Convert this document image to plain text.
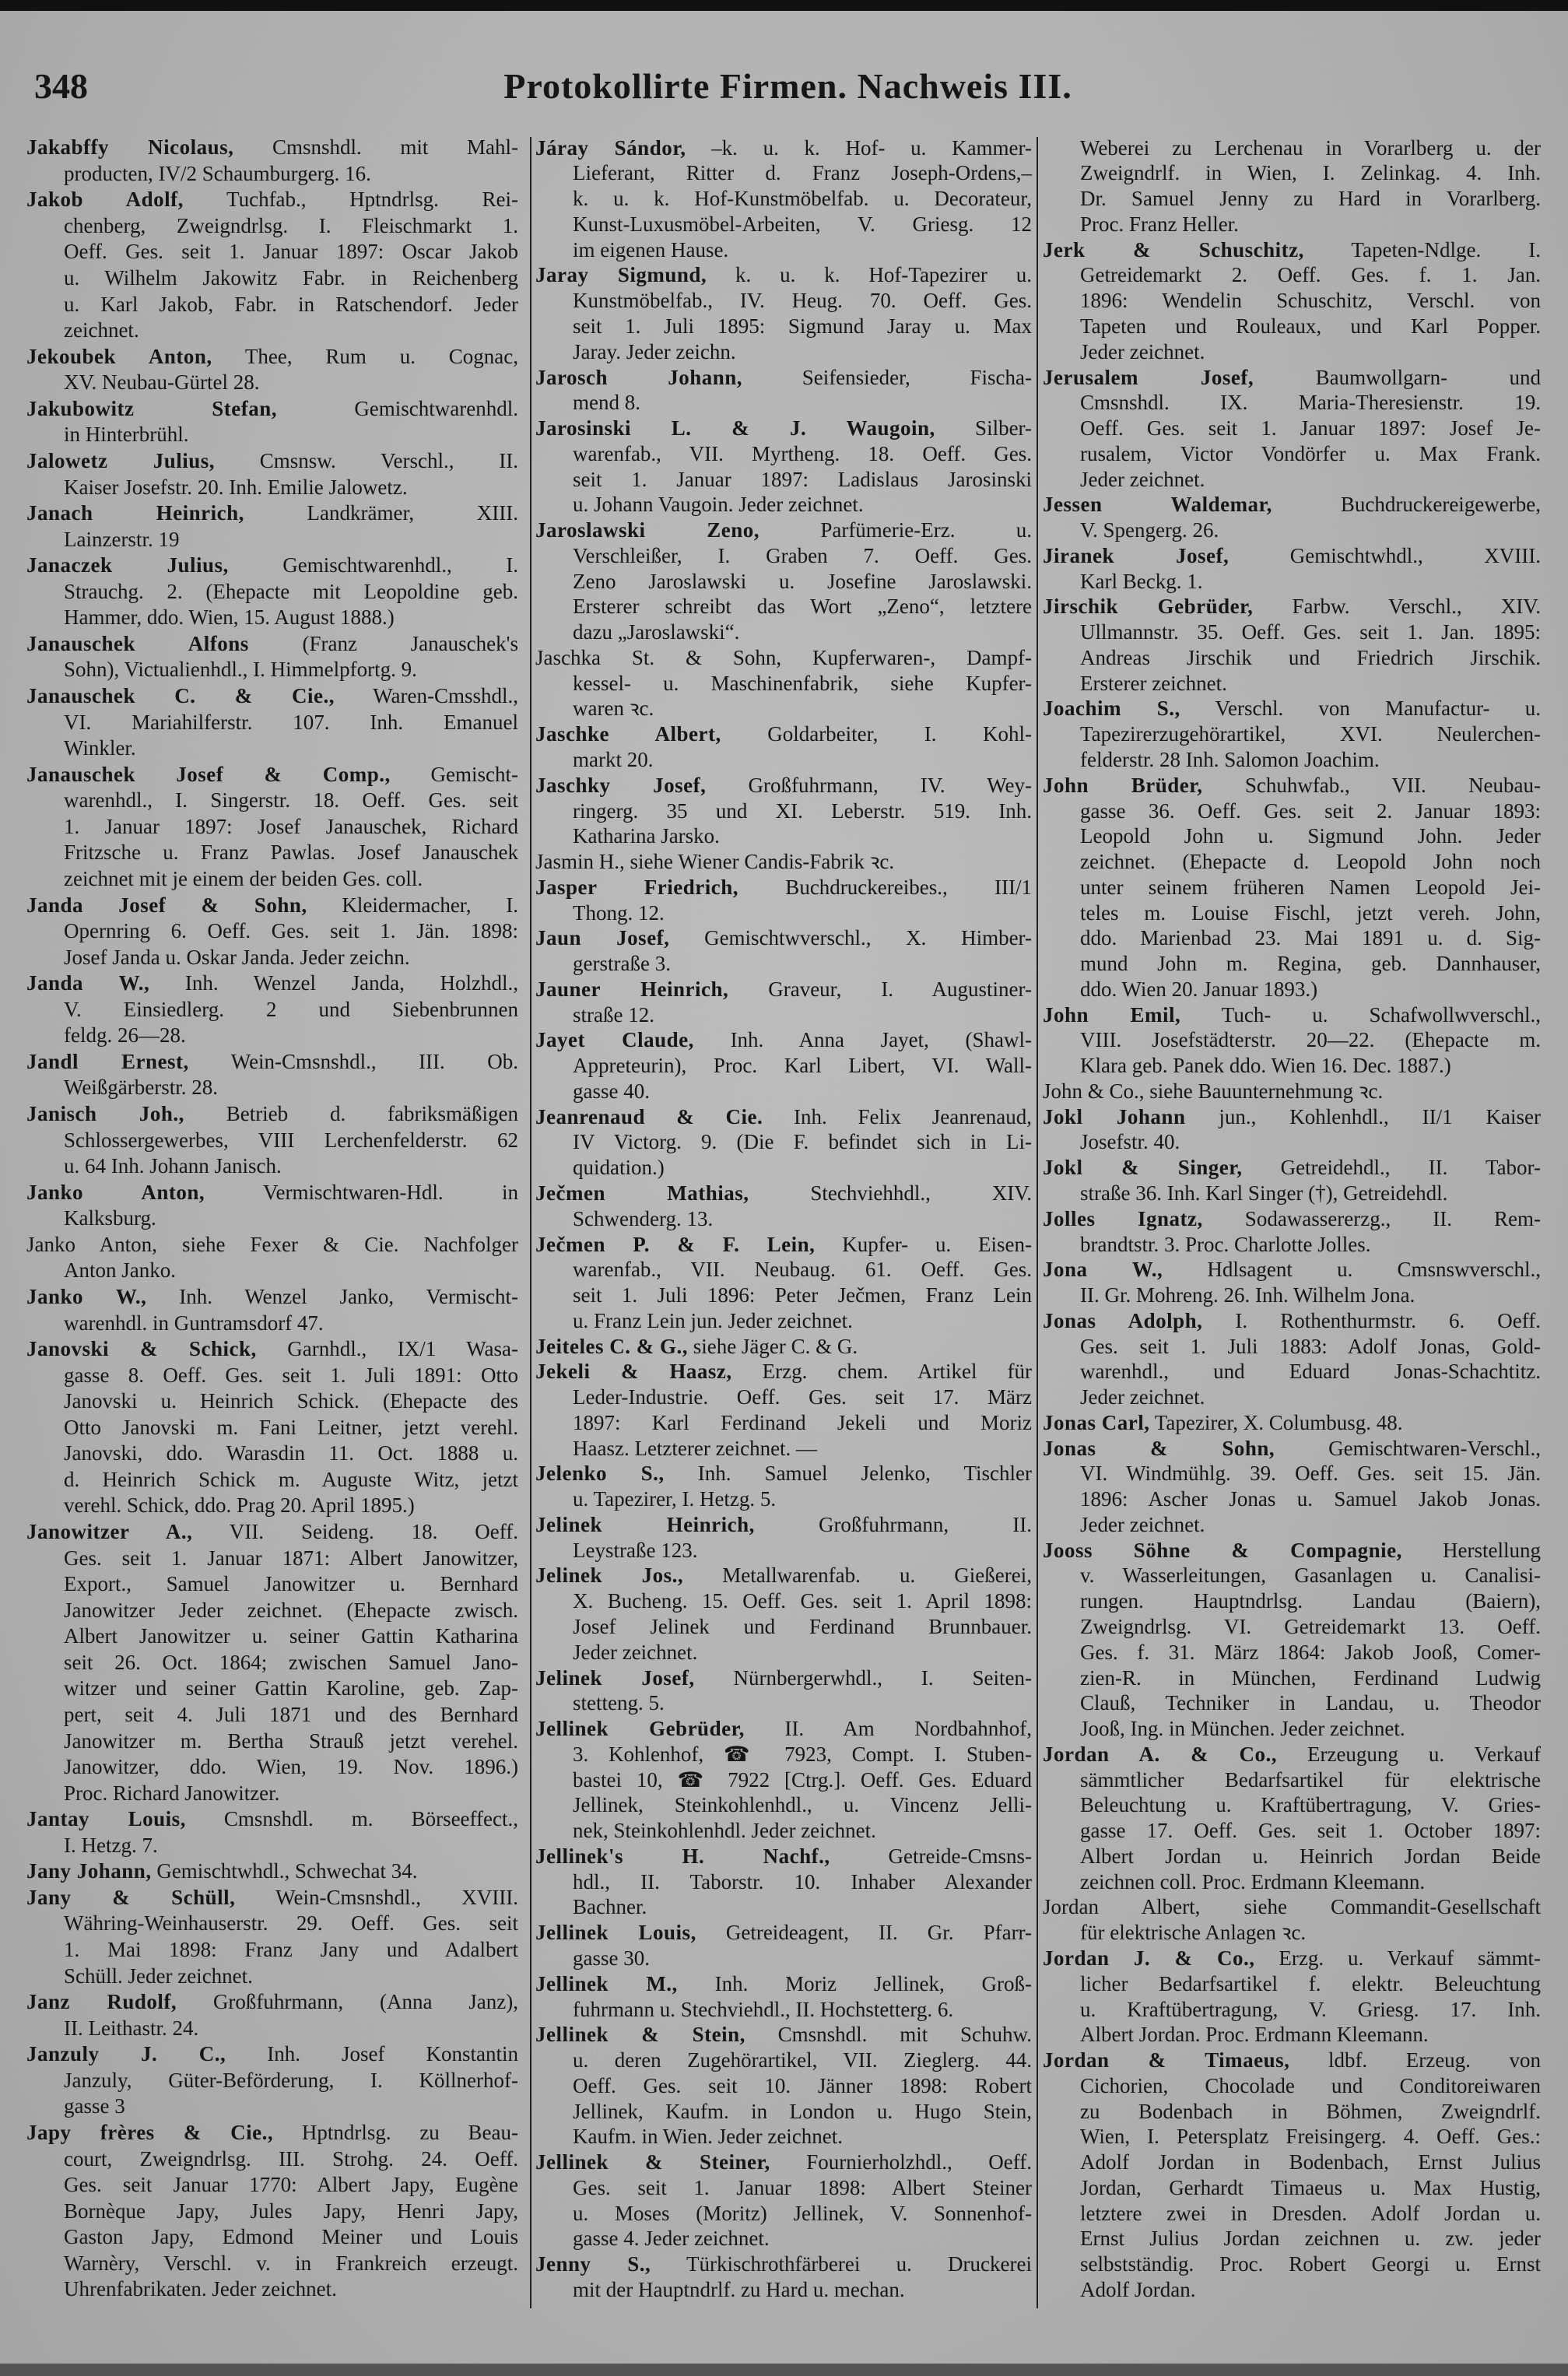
348	Protokollirte Firmen. Nachweis III.
Jakabffy Nicolaus, Cmsnshdl. mit Mahl-
producten, IV/2 Schaumburgerg. 16.
Jakob Adolf, Tuchfab., Hptndrlsg. Rei-
chenberg, Zweigndrlsg. I. Fleischmarkt 1.
Oeff. Ges. seit 1. Januar 1897: Oscar Jakob
u. Wilhelm Jakowitz Fabr. in Reichenberg
u. Karl Jakob, Fabr. in Ratschendorf. Jeder
zeichnet.
Jekoubek Anton, Thee, Rum u. Cognac,
XV. Neubau-Gürtel 28.
Jakubowitz Stefan, Gemischtwarenhdl.
in Hinterbrühl.
Jalowetz Julius, Cmsnsw. Verschl., II.
Kaiser Josefstr. 20. Inh. Emilie Jalowetz.
Janach Heinrich, Landkrämer, XIII.
Lainzerstr. 19
Janaczek Julius, Gemischtwarenhdl., I.
Strauchg. 2. (Ehepacte mit Leopoldine geb.
Hammer, ddo. Wien, 15. August 1888.)
Janauschek Alfons (Franz Janauschek's
Sohn), Victualienhdl., I. Himmelpfortg. 9.
Janauschek C. & Cie., Waren-Cmsshdl.,
VI. Mariahilferstr. 107. Inh. Emanuel
Winkler.
Janauschek Josef & Comp., Gemischt-
warenhdl., I. Singerstr. 18. Oeff. Ges. seit
1. Januar 1897: Josef Janauschek, Richard
Fritzsche u. Franz Pawlas. Josef Janauschek
zeichnet mit je einem der beiden Ges. coll.
Janda Josef & Sohn, Kleidermacher, I.
Opernring 6. Oeff. Ges. seit 1. Jän. 1898:
Josef Janda u. Oskar Janda. Jeder zeichn.
Janda W., Inh. Wenzel Janda, Holzhdl.,
V. Einsiedlerg. 2 und Siebenbrunnen
feldg. 26—28.
Jandl Ernest, Wein-Cmsnshdl., III. Ob.
Weißgärberstr. 28.
Janisch Joh., Betrieb d. fabriksmäßigen
Schlossergewerbes, VIII Lerchenfelderstr. 62
u. 64 Inh. Johann Janisch.
Janko Anton, Vermischtwaren-Hdl. in
Kalksburg.
Janko Anton, siehe Fexer & Cie. Nachfolger
Anton Janko.
Janko W., Inh. Wenzel Janko, Vermischt-
warenhdl. in Guntramsdorf 47.
Janovski & Schick, Garnhdl., IX/1 Wasa-
gasse 8. Oeff. Ges. seit 1. Juli 1891: Otto
Janovski u. Heinrich Schick. (Ehepacte des
Otto Janovski m. Fani Leitner, jetzt verehl.
Janovski, ddo. Warasdin 11. Oct. 1888 u.
d. Heinrich Schick m. Auguste Witz, jetzt
verehl. Schick, ddo. Prag 20. April 1895.)
Janowitzer A., VII. Seideng. 18. Oeff.
Ges. seit 1. Januar 1871: Albert Janowitzer,
Export., Samuel Janowitzer u. Bernhard
Janowitzer Jeder zeichnet. (Ehepacte zwisch.
Albert Janowitzer u. seiner Gattin Katharina
seit 26. Oct. 1864; zwischen Samuel Jano-
witzer und seiner Gattin Karoline, geb. Zap-
pert, seit 4. Juli 1871 und des Bernhard
Janowitzer m. Bertha Strauß jetzt verehel.
Janowitzer, ddo. Wien, 19. Nov. 1896.)
Proc. Richard Janowitzer.
Jantay Louis, Cmsnshdl. m. Börseeffect.,
I. Hetzg. 7.
Jany Johann, Gemischtwhdl., Schwechat 34.
Jany & Schüll, Wein-Cmsnshdl., XVIII.
Währing-Weinhauserstr. 29. Oeff. Ges. seit
1. Mai 1898: Franz Jany und Adalbert
Schüll. Jeder zeichnet.
Janz Rudolf, Großfuhrmann, (Anna Janz),
II. Leithastr. 24.
Janzuly J. C., Inh. Josef Konstantin
Janzuly, Güter-Beförderung, I. Köllnerhof-
gasse 3
Japy frères & Cie., Hptndrlsg. zu Beau-
court, Zweigndrlsg. III. Strohg. 24. Oeff.
Ges. seit Januar 1770: Albert Japy, Eugène
Bornèque Japy, Jules Japy, Henri Japy,
Gaston Japy, Edmond Meiner und Louis
Warnèry, Verschl. v. in Frankreich erzeugt.
Uhrenfabrikaten. Jeder zeichnet.
Járay Sándor, –k. u. k. Hof- u. Kammer-
Lieferant, Ritter d. Franz Joseph-Ordens,–
k. u. k. Hof-Kunstmöbelfab. u. Decorateur,
Kunst-Luxusmöbel-Arbeiten, V. Griesg. 12
im eigenen Hause.
Jaray Sigmund, k. u. k. Hof-Tapezirer u.
Kunstmöbelfab., IV. Heug. 70. Oeff. Ges.
seit 1. Juli 1895: Sigmund Jaray u. Max
Jaray. Jeder zeichn.
Jarosch Johann, Seifensieder, Fischa-
mend 8.
Jarosinski L. & J. Waugoin, Silber-
warenfab., VII. Myrtheng. 18. Oeff. Ges.
seit 1. Januar 1897: Ladislaus Jarosinski
u. Johann Vaugoin. Jeder zeichnet.
Jaroslawski Zeno, Parfümerie-Erz. u.
Verschleißer, I. Graben 7. Oeff. Ges.
Zeno Jaroslawski u. Josefine Jaroslawski.
Ersterer schreibt das Wort „Zeno“, letztere
dazu „Jaroslawski“.
Jaschka St. & Sohn, Kupferwaren-, Dampf-
kessel- u. Maschinenfabrik, siehe Kupfer-
waren ꝛc.
Jaschke Albert, Goldarbeiter, I. Kohl-
markt 20.
Jaschky Josef, Großfuhrmann, IV. Wey-
ringerg. 35 und XI. Leberstr. 519. Inh.
Katharina Jarsko.
Jasmin H., siehe Wiener Candis-Fabrik ꝛc.
Jasper Friedrich, Buchdruckereibes., III/1
Thong. 12.
Jaun Josef, Gemischtwverschl., X. Himber-
gerstraße 3.
Jauner Heinrich, Graveur, I. Augustiner-
straße 12.
Jayet Claude, Inh. Anna Jayet, (Shawl-
Appreteurin), Proc. Karl Libert, VI. Wall-
gasse 40.
Jeanrenaud & Cie. Inh. Felix Jeanrenaud,
IV Victorg. 9. (Die F. befindet sich in Li-
quidation.)
Ječmen Mathias, Stechviehhdl., XIV.
Schwenderg. 13.
Ječmen P. & F. Lein, Kupfer- u. Eisen-
warenfab., VII. Neubaug. 61. Oeff. Ges.
seit 1. Juli 1896: Peter Ječmen, Franz Lein
u. Franz Lein jun. Jeder zeichnet.
Jeiteles C. & G., siehe Jäger C. & G.
Jekeli & Haasz, Erzg. chem. Artikel für
Leder-Industrie. Oeff. Ges. seit 17. März
1897: Karl Ferdinand Jekeli und Moriz
Haasz. Letzterer zeichnet. —
Jelenko S., Inh. Samuel Jelenko, Tischler
u. Tapezirer, I. Hetzg. 5.
Jelinek Heinrich, Großfuhrmann, II.
Leystraße 123.
Jelinek Jos., Metallwarenfab. u. Gießerei,
X. Bucheng. 15. Oeff. Ges. seit 1. April 1898:
Josef Jelinek und Ferdinand Brunnbauer.
Jeder zeichnet.
Jelinek Josef, Nürnbergerwhdl., I. Seiten-
stetteng. 5.
Jellinek Gebrüder, II. Am Nordbahnhof,
3. Kohlenhof, ☎ 7923, Compt. I. Stuben-
bastei 10, ☎ 7922 [Ctrg.]. Oeff. Ges. Eduard
Jellinek, Steinkohlenhdl., u. Vincenz Jelli-
nek, Steinkohlenhdl. Jeder zeichnet.
Jellinek's H. Nachf., Getreide-Cmsns-
hdl., II. Taborstr. 10. Inhaber Alexander
Bachner.
Jellinek Louis, Getreideagent, II. Gr. Pfarr-
gasse 30.
Jellinek M., Inh. Moriz Jellinek, Groß-
fuhrmann u. Stechviehdl., II. Hochstetterg. 6.
Jellinek & Stein, Cmsnshdl. mit Schuhw.
u. deren Zugehörartikel, VII. Zieglerg. 44.
Oeff. Ges. seit 10. Jänner 1898: Robert
Jellinek, Kaufm. in London u. Hugo Stein,
Kaufm. in Wien. Jeder zeichnet.
Jellinek & Steiner, Fournierholzhdl., Oeff.
Ges. seit 1. Januar 1898: Albert Steiner
u. Moses (Moritz) Jellinek, V. Sonnenhof-
gasse 4. Jeder zeichnet.
Jenny S., Türkischrothfärberei u. Druckerei
mit der Hauptndrlf. zu Hard u. mechan.
Weberei zu Lerchenau in Vorarlberg u. der
Zweigndrlf. in Wien, I. Zelinkag. 4. Inh.
Dr. Samuel Jenny zu Hard in Vorarlberg.
Proc. Franz Heller.
Jerk & Schuschitz, Tapeten-Ndlge. I.
Getreidemarkt 2. Oeff. Ges. f. 1. Jan.
1896: Wendelin Schuschitz, Verschl. von
Tapeten und Rouleaux, und Karl Popper.
Jeder zeichnet.
Jerusalem Josef, Baumwollgarn- und
Cmsnshdl. IX. Maria-Theresienstr. 19.
Oeff. Ges. seit 1. Januar 1897: Josef Je-
rusalem, Victor Vondörfer u. Max Frank.
Jeder zeichnet.
Jessen Waldemar, Buchdruckereigewerbe,
V. Spengerg. 26.
Jiranek Josef, Gemischtwhdl., XVIII.
Karl Beckg. 1.
Jirschik Gebrüder, Farbw. Verschl., XIV.
Ullmannstr. 35. Oeff. Ges. seit 1. Jan. 1895:
Andreas Jirschik und Friedrich Jirschik.
Ersterer zeichnet.
Joachim S., Verschl. von Manufactur- u.
Tapezirerzugehörartikel, XVI. Neulerchen-
felderstr. 28 Inh. Salomon Joachim.
John Brüder, Schuhwfab., VII. Neubau-
gasse 36. Oeff. Ges. seit 2. Januar 1893:
Leopold John u. Sigmund John. Jeder
zeichnet. (Ehepacte d. Leopold John noch
unter seinem früheren Namen Leopold Jei-
teles m. Louise Fischl, jetzt vereh. John,
ddo. Marienbad 23. Mai 1891 u. d. Sig-
mund John m. Regina, geb. Dannhauser,
ddo. Wien 20. Januar 1893.)
John Emil, Tuch- u. Schafwollwverschl.,
VIII. Josefstädterstr. 20—22. (Ehepacte m.
Klara geb. Panek ddo. Wien 16. Dec. 1887.)
John & Co., siehe Bauunternehmung ꝛc.
Jokl Johann jun., Kohlenhdl., II/1 Kaiser
Josefstr. 40.
Jokl & Singer, Getreidehdl., II. Tabor-
straße 36. Inh. Karl Singer (†), Getreidehdl.
Jolles Ignatz, Sodawassererzg., II. Rem-
brandtstr. 3. Proc. Charlotte Jolles.
Jona W., Hdlsagent u. Cmsnswverschl.,
II. Gr. Mohreng. 26. Inh. Wilhelm Jona.
Jonas Adolph, I. Rothenthurmstr. 6. Oeff.
Ges. seit 1. Juli 1883: Adolf Jonas, Gold-
warenhdl., und Eduard Jonas-Schachtitz.
Jeder zeichnet.
Jonas Carl, Tapezirer, X. Columbusg. 48.
Jonas & Sohn, Gemischtwaren-Verschl.,
VI. Windmühlg. 39. Oeff. Ges. seit 15. Jän.
1896: Ascher Jonas u. Samuel Jakob Jonas.
Jeder zeichnet.
Jooss Söhne & Compagnie, Herstellung
v. Wasserleitungen, Gasanlagen u. Canalisi-
rungen. Hauptndrlsg. Landau (Baiern),
Zweigndrlsg. VI. Getreidemarkt 13. Oeff.
Ges. f. 31. März 1864: Jakob Jooß, Comer-
zien-R. in München, Ferdinand Ludwig
Clauß, Techniker in Landau, u. Theodor
Jooß, Ing. in München. Jeder zeichnet.
Jordan A. & Co., Erzeugung u. Verkauf
sämmtlicher Bedarfsartikel für elektrische
Beleuchtung u. Kraftübertragung, V. Gries-
gasse 17. Oeff. Ges. seit 1. October 1897:
Albert Jordan u. Heinrich Jordan Beide
zeichnen coll. Proc. Erdmann Kleemann.
Jordan Albert, siehe Commandit-Gesellschaft
für elektrische Anlagen ꝛc.
Jordan J. & Co., Erzg. u. Verkauf sämmt-
licher Bedarfsartikel f. elektr. Beleuchtung
u. Kraftübertragung, V. Griesg. 17. Inh.
Albert Jordan. Proc. Erdmann Kleemann.
Jordan & Timaeus, ldbf. Erzeug. von
Cichorien, Chocolade und Conditoreiwaren
zu Bodenbach in Böhmen, Zweigndrlf.
Wien, I. Petersplatz Freisingerg. 4. Oeff. Ges.:
Adolf Jordan in Bodenbach, Ernst Julius
Jordan, Gerhardt Timaeus u. Max Hustig,
letztere zwei in Dresden. Adolf Jordan u.
Ernst Julius Jordan zeichnen u. zw. jeder
selbstständig. Proc. Robert Georgi u. Ernst
Adolf Jordan.
